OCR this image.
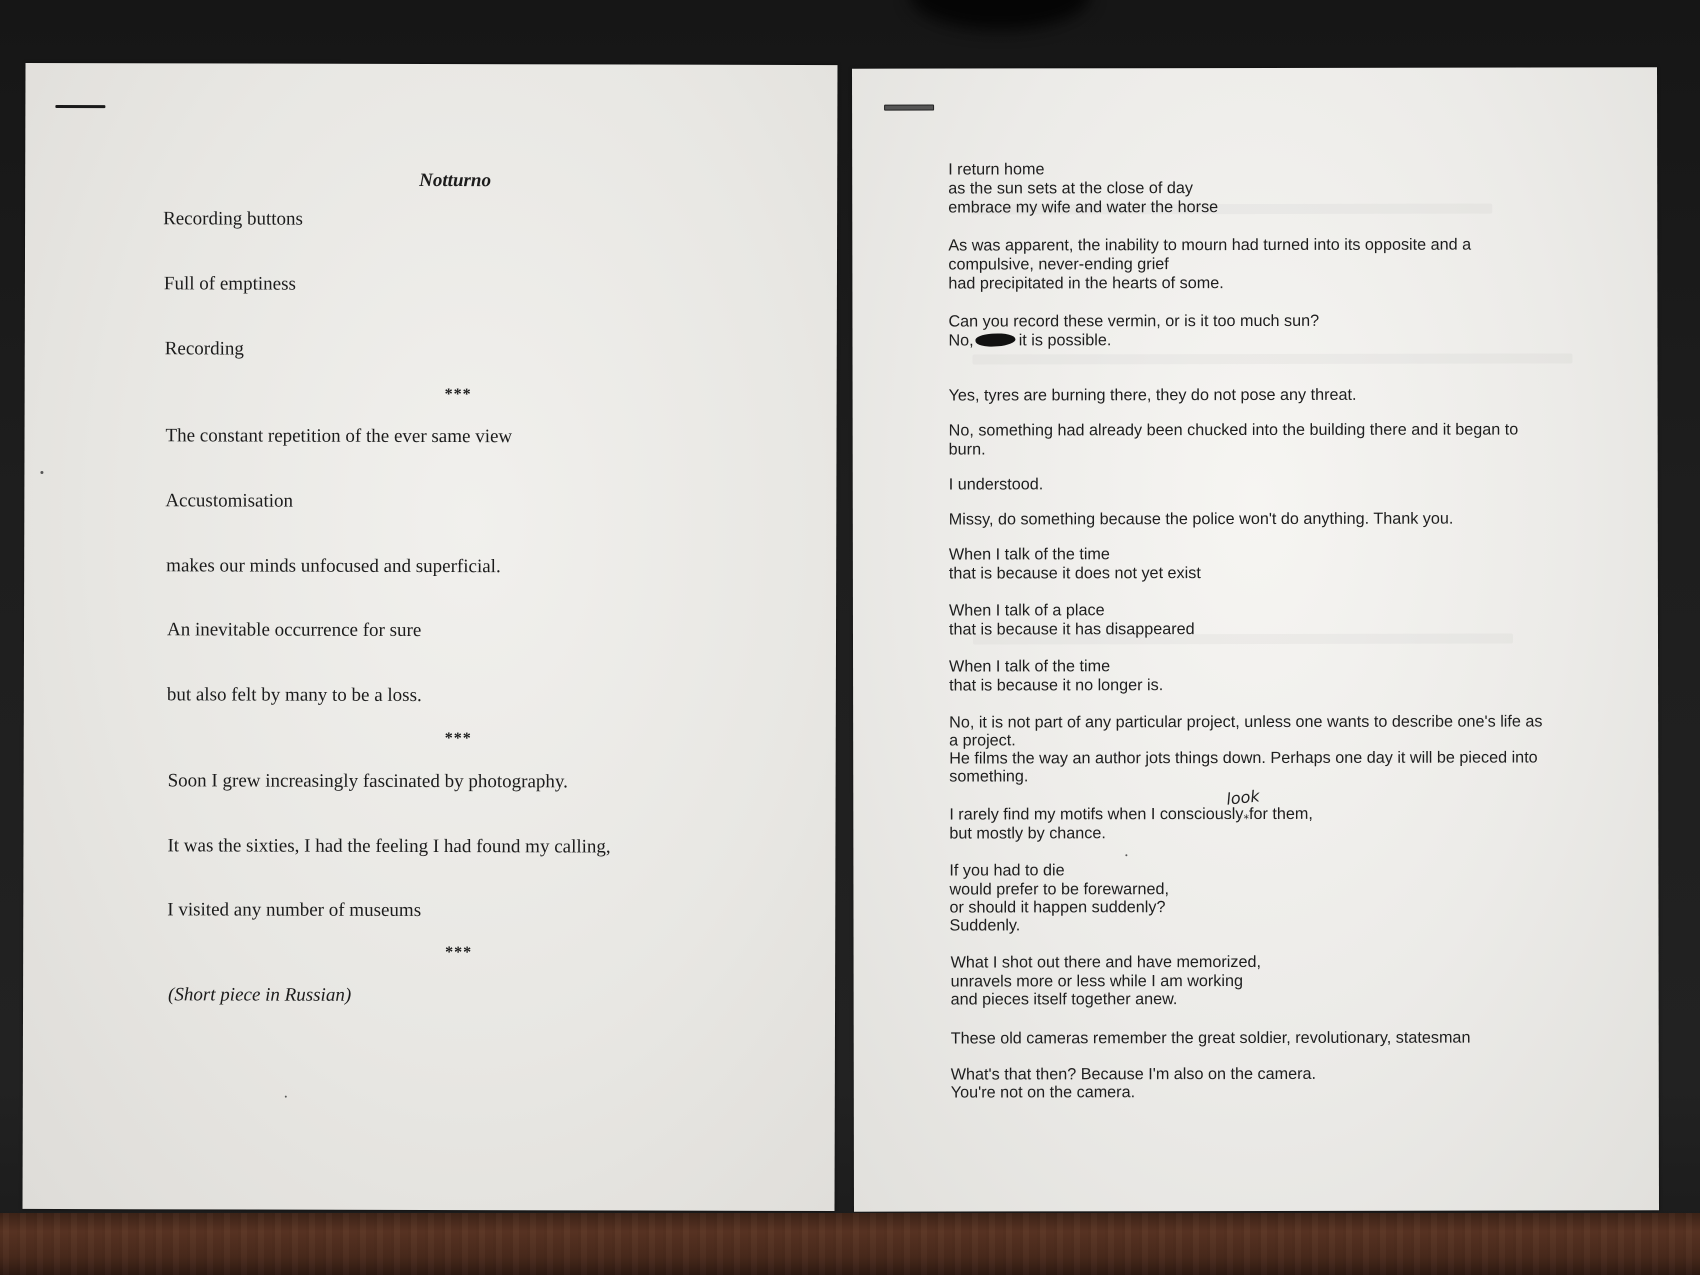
Notturno
Recording buttons
Full of emptiness
Recording
***
The constant repetition of the ever same view
Accustomisation
makes our minds unfocused and superficial.
An inevitable occurrence for sure
but also felt by many to be a loss.
***
Soon I grew increasingly fascinated by photography.
It was the sixties, I had the feeling I had found my calling,
I visited any number of museums
***
(Short piece in Russian)
I return home
as the sun sets at the close of day
embrace my wife and water the horse
As was apparent, the inability to mourn had turned into its opposite and a
compulsive, never-ending grief
had precipitated in the hearts of some.
Can you record these vermin, or is it too much sun?
No,	it is possible.
Yes, tyres are burning there, they do not pose any threat.
No, something had already been chucked into the building there and it began to
burn.
I understood.
Missy, do something because the police won't do anything. Thank you.
When I talk of the time
that is because it does not yet exist
When I talk of a place
that is because it has disappeared
When I talk of the time
that is because it no longer is.
No, it is not part of any particular project, unless one wants to describe one's life as
a project.
He films the way an author jots things down. Perhaps one day it will be pieced into
something.
look
I rarely find my motifs when I consciously⁎for them,
but mostly by chance.
If you had to die
would prefer to be forewarned,
or should it happen suddenly?
Suddenly.
What I shot out there and have memorized,
unravels more or less while I am working
and pieces itself together anew.
These old cameras remember the great soldier, revolutionary, statesman
What's that then? Because I'm also on the camera.
You're not on the camera.
